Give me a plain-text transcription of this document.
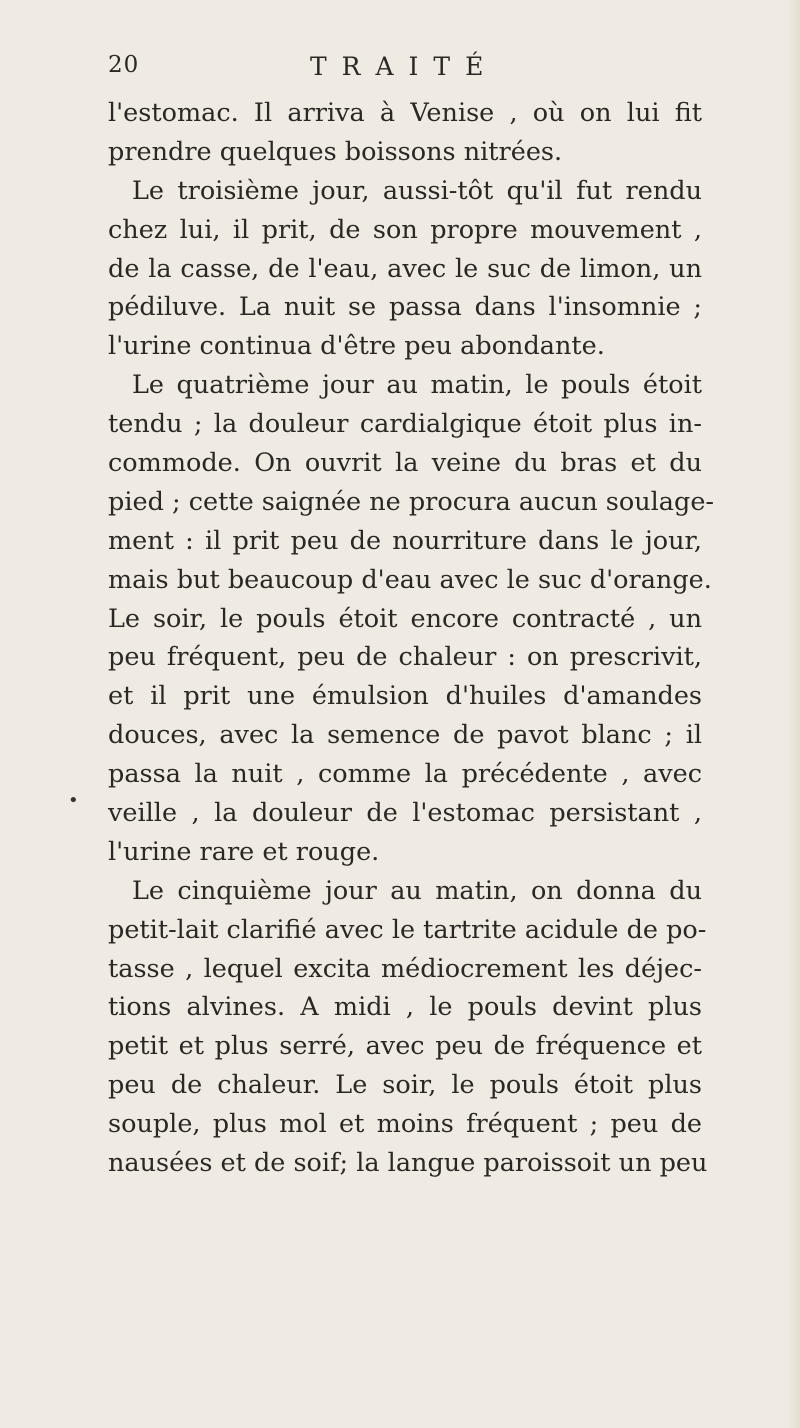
20	TRAITÉ
•
l'estomac. Il arriva à Venise , où on lui fit
prendre quelques boissons nitrées.
Le troisième jour, aussi-tôt qu'il fut rendu
chez lui, il prit, de son propre mouvement ,
de la casse, de l'eau, avec le suc de limon, un
pédiluve. La nuit se passa dans l'insomnie ;
l'urine continua d'être peu abondante.
Le quatrième jour au matin, le pouls étoit
tendu ; la douleur cardialgique étoit plus in-
commode. On ouvrit la veine du bras et du
pied ; cette saignée ne procura aucun soulage-
ment : il prit peu de nourriture dans le jour,
mais but beaucoup d'eau avec le suc d'orange.
Le soir, le pouls étoit encore contracté , un
peu fréquent, peu de chaleur : on prescrivit,
et il prit une émulsion d'huiles d'amandes
douces, avec la semence de pavot blanc ; il
passa la nuit , comme la précédente , avec
veille , la douleur de l'estomac persistant ,
l'urine rare et rouge.
Le cinquième jour au matin, on donna du
petit-lait clarifié avec le tartrite acidule de po-
tasse , lequel excita médiocrement les déjec-
tions alvines. A midi , le pouls devint plus
petit et plus serré, avec peu de fréquence et
peu de chaleur. Le soir, le pouls étoit plus
souple, plus mol et moins fréquent ; peu de
nausées et de soif; la langue paroissoit un peu
